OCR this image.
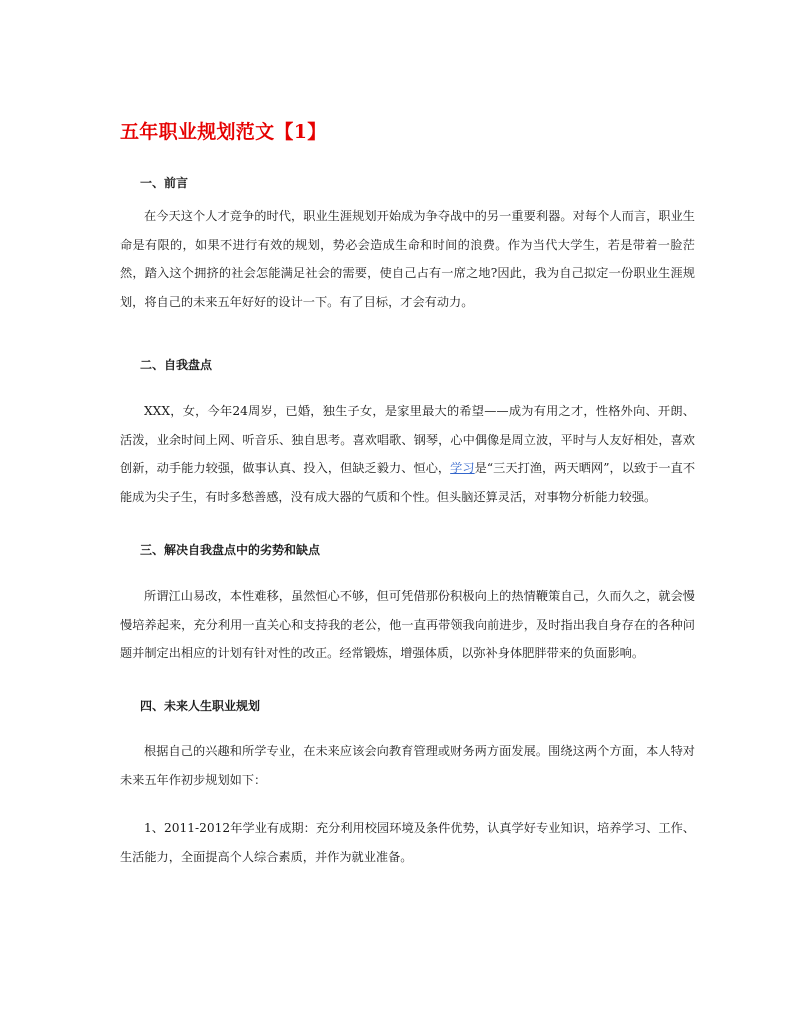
五年职业规划范文【1】
一、前言

在今天这个人才竞争的时代，职业生涯规划开始成为争夺战中的另一重要利器。对每个人而言，职业生命是有限的，如果不进行有效的规划，势必会造成生命和时间的浪费。作为当代大学生，若是带着一脸茫然，踏入这个拥挤的社会怎能满足社会的需要，使自己占有一席之地?因此，我为自己拟定一份职业生涯规划，将自己的未来五年好好的设计一下。有了目标，才会有动力。

二、自我盘点

XXX，女，今年24周岁，已婚，独生子女，是家里最大的希望——成为有用之才，性格外向、开朗、活泼，业余时间上网、听音乐、独自思考。喜欢唱歌、钢琴，心中偶像是周立波，平时与人友好相处，喜欢创新，动手能力较强，做事认真、投入，但缺乏毅力、恒心，学习是“三天打渔，两天晒网”，以致于一直不能成为尖子生，有时多愁善感，没有成大器的气质和个性。但头脑还算灵活，对事物分析能力较强。

三、解决自我盘点中的劣势和缺点

所谓江山易改，本性难移，虽然恒心不够，但可凭借那份积极向上的热情鞭策自己，久而久之，就会慢慢培养起来，充分利用一直关心和支持我的老公，他一直再带领我向前进步，及时指出我自身存在的各种问题并制定出相应的计划有针对性的改正。经常锻炼，增强体质，以弥补身体肥胖带来的负面影响。

四、未来人生职业规划

根据自己的兴趣和所学专业，在未来应该会向教育管理或财务两方面发展。围绕这两个方面，本人特对未来五年作初步规划如下：

1、2011-2012年学业有成期：充分利用校园环境及条件优势，认真学好专业知识，培养学习、工作、生活能力，全面提高个人综合素质，并作为就业准备。
